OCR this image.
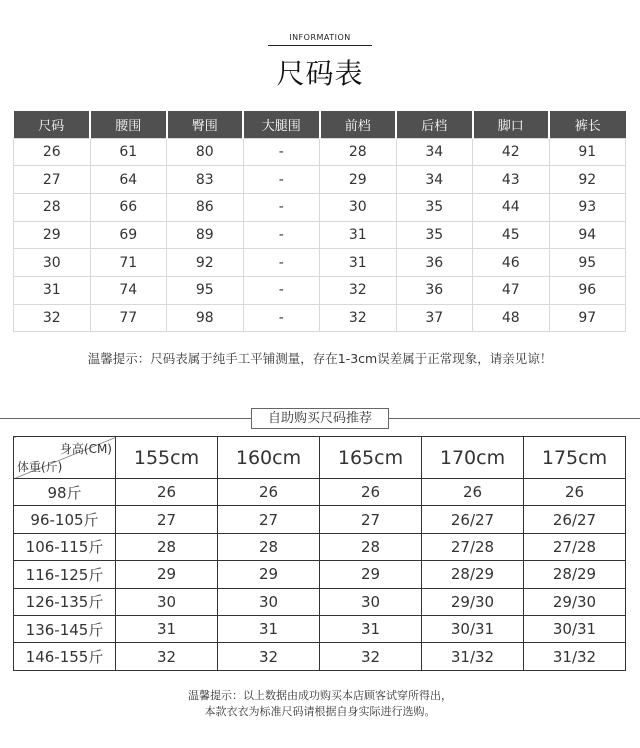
INFORMATION
尺码表
尺码	腰围	臀围	大腿围	前档	后档	脚口	裤长
26	61	80	-	28	34	42	91
27	64	83	-	29	34	43	92
28	66	86	-	30	35	44	93
29	69	89	-	31	35	45	94
30	71	92	-	31	36	46	95
31	74	95	-	32	36	47	96
32	77	98	-	32	37	48	97
温馨提示：尺码表属于纯手工平铺测量，存在1-3cm误差属于正常现象，请亲见谅！
自助购买尺码推荐
身高(CM)
体重(斤)	155cm	160cm	165cm	170cm	175cm
98斤	26	26	26	26	26
96-105斤	27	27	27	26/27	26/27
106-115斤	28	28	28	27/28	27/28
116-125斤	29	29	29	28/29	28/29
126-135斤	30	30	30	29/30	29/30
136-145斤	31	31	31	30/31	30/31
146-155斤	32	32	32	31/32	31/32
温馨提示：以上数据由成功购买本店顾客试穿所得出，
本款衣衣为标准尺码请根据自身实际进行选购。
